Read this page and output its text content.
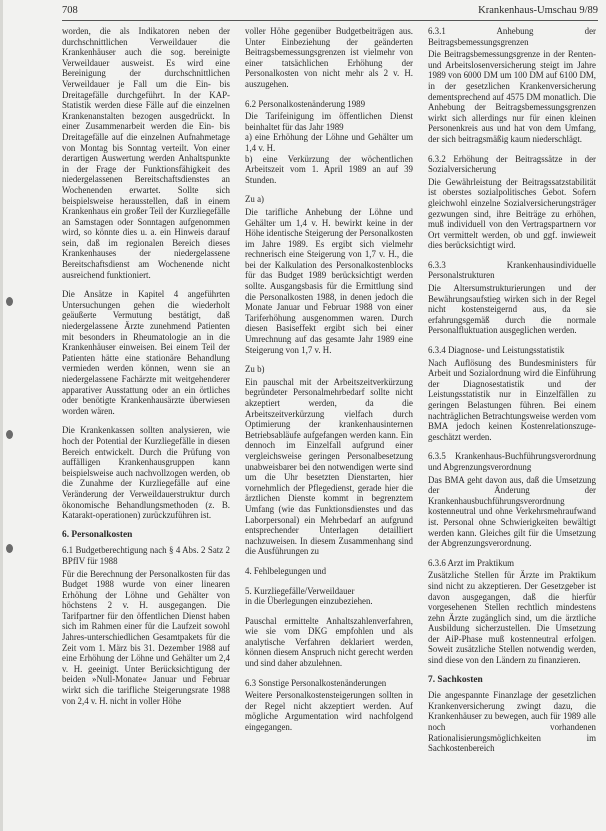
708	Krankenhaus-Umschau 9/89

worden, die als Indikatoren neben der durchschnittlichen Verweildauer die Krankenhäuser auch die sog. bereinigte Verweildauer ausweist. Es wird eine Bereinigung der durchschnittlichen Verweildauer je Fall um die Ein- bis Dreitagefälle durchgeführt. In der KAP-Statistik werden diese Fälle auf die einzelnen Krankenanstalten bezogen ausgedrückt. In einer Zusammenarbeit werden die Ein- bis Dreitagefälle auf die einzelnen Aufnahmetage von Montag bis Sonntag verteilt. Von einer derartigen Auswertung werden Anhaltspunkte in der Frage der Funktionsfähigkeit des niedergelassenen Bereitschaftsdienstes an Wochenenden erwartet. Sollte sich beispielsweise herausstellen, daß in einem Krankenhaus ein großer Teil der Kurzliegefälle an Samstagen oder Sonntagen aufgenommen wird, so könnte dies u. a. ein Hinweis darauf sein, daß im regionalen Bereich dieses Krankenhauses der niedergelassene Bereitschaftsdienst am Wochenende nicht ausreichend funktioniert.

Die Ansätze in Kapitel 4 angeführten Untersuchungen gehen die wiederholt geäußerte Vermutung bestätigt, daß niedergelassene Ärzte zunehmend Patienten mit besonders in Rheumatologie an in die Krankenhäuser einweisen. Bei einem Teil der Patienten hätte eine stationäre Behandlung vermieden werden können, wenn sie an niedergelassene Fachärzte mit weitgehenderer apparativer Ausstattung oder an ein örtliches oder benötigte Krankenhausärzte überwiesen worden wären.

Die Krankenkassen sollten analysieren, wie hoch der Potential der Kurzliegefälle in diesen Bereich entwickelt. Durch die Prüfung von auffälligen Krankenhausgruppen kann beispielsweise auch nachvollzogen werden, ob die Zunahme der Kurzliegefälle auf eine Veränderung der Verweildauerstruktur durch ökonomische Behandlungsmethoden (z. B. Katarakt-operationen) zurückzuführen ist.

6. Personalkosten
6.1 Budgetberechtigung nach § 4 Abs. 2 Satz 2 BPfIV für 1988

Für die Berechnung der Personalkosten für das Budget 1988 wurde von einer linearen Erhöhung der Löhne und Gehälter von höchstens 2 v. H. ausgegangen. Die Tarifpartner für den öffentlichen Dienst haben sich im Rahmen einer für die Laufzeit sowohl Jahres-unterschiedlichen Gesamtpakets für die Zeit vom 1. März bis 31. Dezember 1988 auf eine Erhöhung der Löhne und Gehälter um 2,4 v. H. geeinigt. Unter Berücksichtigung der beiden »Null-Monate« Januar und Februar wirkt sich die tarifliche Steigerungsrate 1988 von 2,4 v. H. nicht in voller Höhe

voller Höhe gegenüber Budgetbeiträgen aus. Unter Einbeziehung der geänderten Beitragsbemessungsgrenzen ist vielmehr von einer tatsächlichen Erhöhung der Personalkosten von nicht mehr als 2 v. H. auszugehen.

6.2 Personalkostenänderung 1989

Die Tarifeinigung im öffentlichen Dienst beinhaltet für das Jahr 1989
a) eine Erhöhung der Löhne und Gehälter um 1,4 v. H.
b) eine Verkürzung der wöchentlichen Arbeitszeit vom 1. April 1989 an auf 39 Stunden.

Zu a)

Die tarifliche Anhebung der Löhne und Gehälter um 1,4 v. H. bewirkt keine in der Höhe identische Steigerung der Personalkosten im Jahre 1989. Es ergibt sich vielmehr rechnerisch eine Steigerung von 1,7 v. H., die bei der Kalkulation des Personalkostenblocks für das Budget 1989 berücksichtigt werden sollte. Ausgangsbasis für die Ermittlung sind die Personalkosten 1988, in denen jedoch die Monate Januar und Februar 1988 von einer Tariferhöhung ausgenommen waren. Durch diesen Basiseffekt ergibt sich bei einer Umrechnung auf das gesamte Jahr 1989 eine Steigerung von 1,7 v. H.

Zu b)

Ein pauschal mit der Arbeitszeitverkürzung begründeter Personalmehrbedarf sollte nicht akzeptiert werden, da die Arbeitszeitverkürzung vielfach durch Optimierung der krankenhausinternen Betriebsabläufe aufgefangen werden kann. Ein dennoch im Einzelfall aufgrund einer vergleichsweise geringen Personalbesetzung unabweisbarer bei den notwendigen werte sind um die Uhr besetzten Dienstarten, hier vornehmlich der Pflegedienst, gerade hier die ärztlichen Dienste kommt in begrenztem Umfang (wie das Funktionsdienstes und das Laborpersonal) ein Mehrbedarf an aufgrund entsprechender Unterlagen detailliert nachzuweisen. In diesem Zusammenhang sind die Ausführungen zu

4. Fehlbelegungen und

5. Kurzliegefälle/Verweildauer
in die Überlegungen einzubeziehen.

Pauschal ermittelte Anhaltszahlenverfahren, wie sie vom DKG empfohlen und als analytische Verfahren deklariert werden, können diesem Anspruch nicht gerecht werden und sind daher abzulehnen.

6.3 Sonstige Personalkostenänderungen

Weitere Personalkostensteigerungen sollten in der Regel nicht akzeptiert werden. Auf mögliche Argumentation wird nachfolgend eingegangen.

6.3.1 Anhebung der Beitragsbemessungsgrenzen

Die Beitragsbemessungsgrenze in der Renten- und Arbeitslosenversicherung steigt im Jahre 1989 von 6000 DM um 100 DM auf 6100 DM, in der gesetzlichen Krankenversicherung dementsprechend auf 4575 DM monatlich. Die Anhebung der Beitragsbemessungsgrenzen wirkt sich allerdings nur für einen kleinen Personenkreis aus und hat von dem Umfang, der sich beitragsmäßig kaum niederschlägt.

6.3.2 Erhöhung der Beitragssätze in der Sozialversicherung

Die Gewährleistung der Beitragssatzstabilität ist oberstes sozialpolitisches Gebot. Sofern gleichwohl einzelne Sozialversicherungsträger gezwungen sind, ihre Beiträge zu erhöhen, muß individuell von den Vertragspartnern vor Ort vermittelt werden, ob und ggf. inwieweit dies berücksichtigt wird.

6.3.3 Krankenhausindividuelle Personalstrukturen

Die Altersumstrukturierungen und der Bewährungsaufstieg wirken sich in der Regel nicht kostensteigernd aus, da sie erfahrungsgemäß durch die normale Personalfluktuation ausgeglichen werden.

6.3.4 Diagnose- und Leistungsstatistik

Nach Auflösung des Bundesministers für Arbeit und Sozialordnung wird die Einführung der Diagnosestatistik und der Leistungsstatistik nur in Einzelfällen zu geringen Belastungen führen. Bei einem nachträglichen Betrachtungsweise werden vom BMA jedoch keinen Kostenrelationszuge-geschätzt werden.

6.3.5 Krankenhaus-Buchführungsverordnung und Abgrenzungsverordnung

Das BMA geht davon aus, daß die Umsetzung der Änderung der Krankenhausbuchführungsverordnung kostenneutral und ohne Verkehrsmehraufwand ist. Personal ohne Schwierigkeiten bewältigt werden kann. Gleiches gilt für die Umsetzung der Abgrenzungsverordnung.

6.3.6 Arzt im Praktikum

Zusätzliche Stellen für Ärzte im Praktikum sind nicht zu akzeptieren. Der Gesetzgeber ist davon ausgegangen, daß die hierfür vorgesehenen Stellen rechtlich mindestens zehn Ärzte zugänglich sind, um die ärztliche Ausbildung sicherzustellen. Die Umsetzung der AiP-Phase muß kostenneutral erfolgen. Soweit zusätzliche Stellen notwendig werden, sind diese von den Ländern zu finanzieren.

7. Sachkosten

Die angespannte Finanzlage der gesetzlichen Krankenversicherung zwingt dazu, die Krankenhäuser zu bewegen, auch für 1989 alle noch vorhandenen Rationalisierungsmöglichkeiten im Sachkostenbereich
